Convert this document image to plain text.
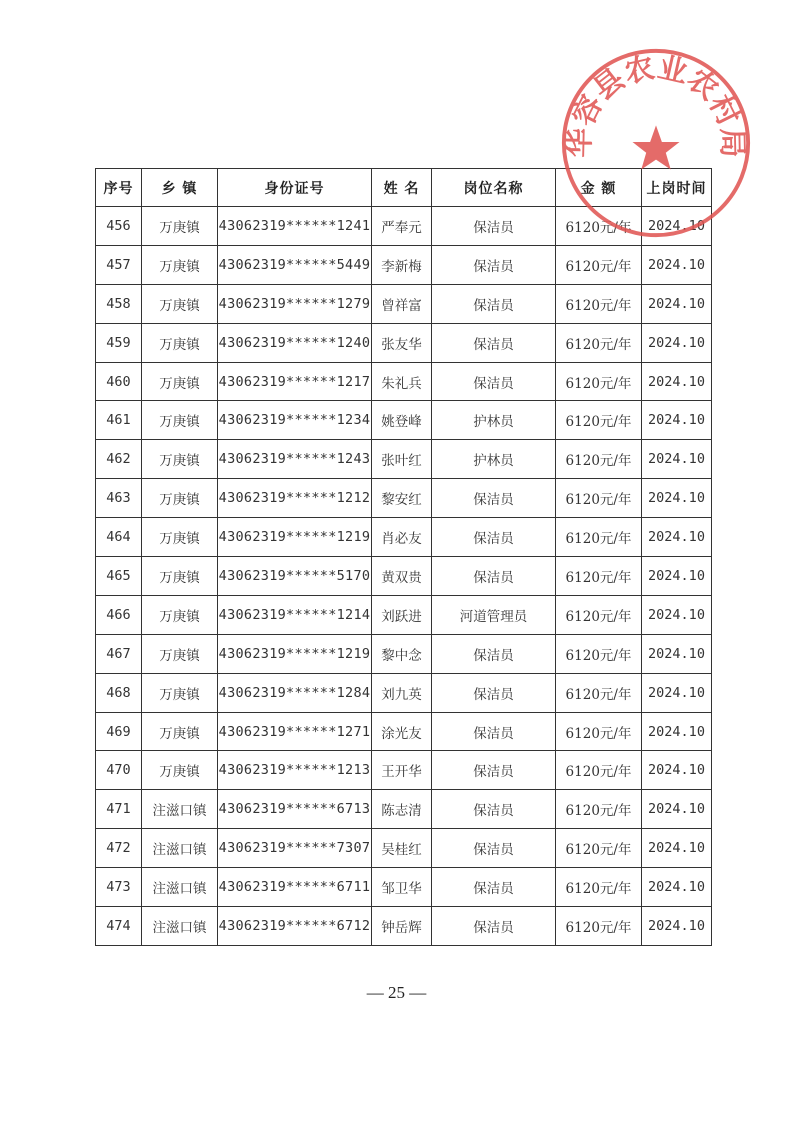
序号	乡 镇	身份证号	姓 名	岗位名称	金 额	上岗时间
456	万庚镇	43062319******1241	严奉元	保洁员	6120元/年	2024.10
457	万庚镇	43062319******5449	李新梅	保洁员	6120元/年	2024.10
458	万庚镇	43062319******1279	曾祥富	保洁员	6120元/年	2024.10
459	万庚镇	43062319******1240	张友华	保洁员	6120元/年	2024.10
460	万庚镇	43062319******1217	朱礼兵	保洁员	6120元/年	2024.10
461	万庚镇	43062319******1234	姚登峰	护林员	6120元/年	2024.10
462	万庚镇	43062319******1243	张叶红	护林员	6120元/年	2024.10
463	万庚镇	43062319******1212	黎安红	保洁员	6120元/年	2024.10
464	万庚镇	43062319******1219	肖必友	保洁员	6120元/年	2024.10
465	万庚镇	43062319******5170	黄双贵	保洁员	6120元/年	2024.10
466	万庚镇	43062319******1214	刘跃进	河道管理员	6120元/年	2024.10
467	万庚镇	43062319******1219	黎中念	保洁员	6120元/年	2024.10
468	万庚镇	43062319******1284	刘九英	保洁员	6120元/年	2024.10
469	万庚镇	43062319******1271	涂光友	保洁员	6120元/年	2024.10
470	万庚镇	43062319******1213	王开华	保洁员	6120元/年	2024.10
471	注滋口镇	43062319******6713	陈志清	保洁员	6120元/年	2024.10
472	注滋口镇	43062319******7307	吴桂红	保洁员	6120元/年	2024.10
473	注滋口镇	43062319******6711	邹卫华	保洁员	6120元/年	2024.10
474	注滋口镇	43062319******6712	钟岳辉	保洁员	6120元/年	2024.10
华容县农业农村局
— 25 —
